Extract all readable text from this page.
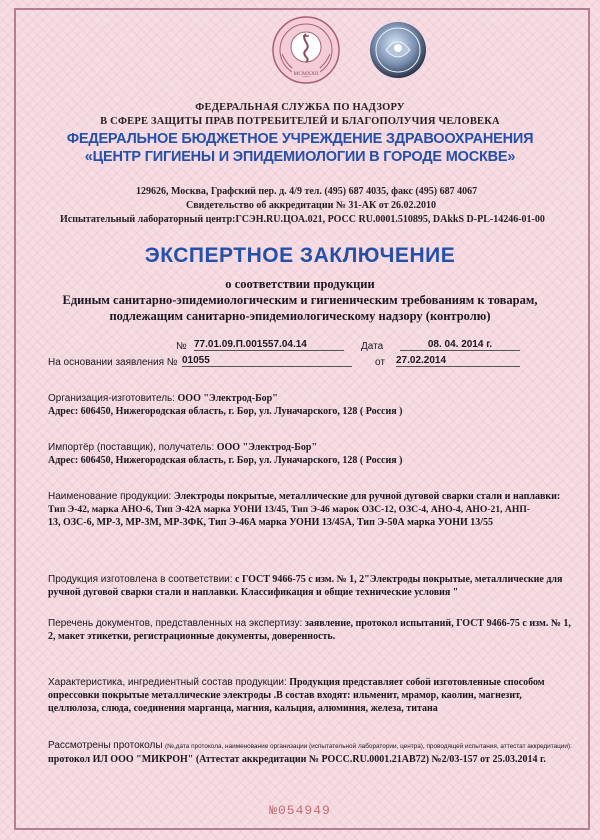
MCMXXII
ФЕДЕРАЛЬНАЯ СЛУЖБА ПО НАДЗОРУ
В СФЕРЕ ЗАЩИТЫ ПРАВ ПОТРЕБИТЕЛЕЙ И БЛАГОПОЛУЧИЯ ЧЕЛОВЕКА
ФЕДЕРАЛЬНОЕ БЮДЖЕТНОЕ УЧРЕЖДЕНИЕ ЗДРАВООХРАНЕНИЯ
«ЦЕНТР ГИГИЕНЫ И ЭПИДЕМИОЛОГИИ В ГОРОДЕ МОСКВЕ»
129626, Москва, Графский пер. д. 4/9 тел. (495) 687 4035, факс (495) 687 4067
Свидетельство об аккредитации № 31-АК от 26.02.2010
Испытательный лабораторный центр:ГСЭН.RU.ЦОА.021, РОСС RU.0001.510895, DAkkS D-PL-14246-01-00
ЭКСПЕРТНОЕ ЗАКЛЮЧЕНИЕ
о соответствии продукции
Единым санитарно-эпидемиологическим и гигиеническим требованиям к товарам,
подлежащим санитарно-эпидемиологическому надзору (контролю)
№ 77.01.09.П.001557.04.14	Дата	08. 04. 2014 г.
На основании заявления № 01055	от 27.02.2014
Организация-изготовитель: ООО "Электрод-Бор"
Адрес: 606450, Нижегородская область, г. Бор, ул. Луначарского, 128 ( Россия )
Импортёр (поставщик), получатель: ООО "Электрод-Бор"
Адрес: 606450, Нижегородская область, г. Бор, ул. Луначарского, 128 ( Россия )
Наименование продукции: Электроды покрытые, металлические для ручной дуговой сварки стали и наплавки:
Тип Э-42, марка АНО-6, Тип Э-42А марка УОНИ 13/45, Тип Э-46 марок ОЗС-12, ОЗС-4, АНО-4, АНО-21, АНП-
13, ОЗС-6, МР-3, МР-3М, МР-3ФК, Тип Э-46А марка УОНИ 13/45А, Тип Э-50А марка УОНИ 13/55
Продукция изготовлена в соответствии: с ГОСТ 9466-75 с изм. № 1, 2"Электроды покрытые, металлические для
ручной дуговой сварки стали и наплавки. Классификация и общие технические условия "
Перечень документов, представленных на экспертизу: заявление, протокол испытаний, ГОСТ 9466-75 с изм. № 1,
2, макет этикетки, регистрационные документы, доверенность.
Характеристика, ингредиентный состав продукции: Продукция представляет собой изготовленные способом
опрессовки покрытые металлические электроды .В состав входят: ильменит, мрамор, каолин, магнезит,
целлюлоза, слюда, соединения марганца, магния, кальция, алюминия, железа, титана
Рассмотрены протоколы (№,дата протокола, наименование организации (испытательной лаборатории, центра), проводящей испытания, аттестат аккредитации):
протокол ИЛ ООО "МИКРОН" (Аттестат аккредитации № РОСС.RU.0001.21АВ72) №2/03-157 от 25.03.2014 г.
№054949
